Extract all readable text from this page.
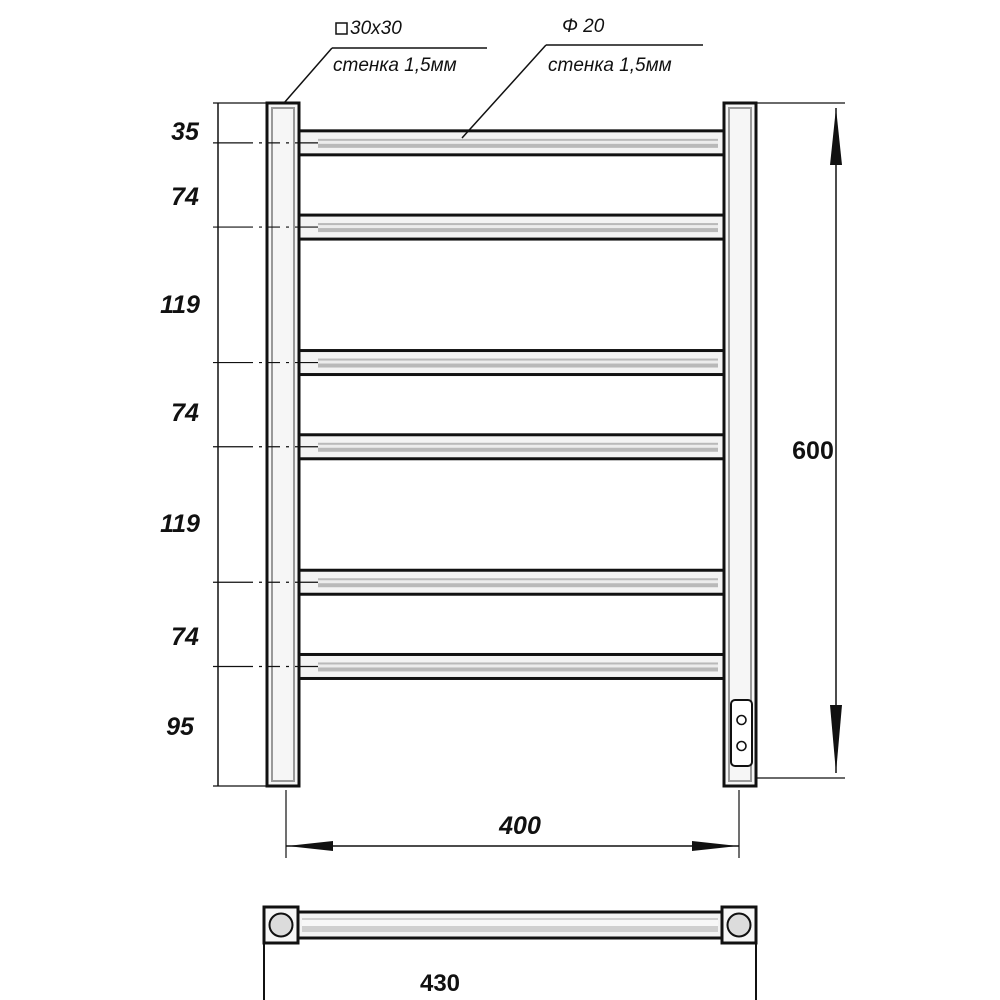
35
74
119
74
119
74
95
600
400
430
30x30
стенка 1,5мм
Φ 20
стенка 1,5мм
